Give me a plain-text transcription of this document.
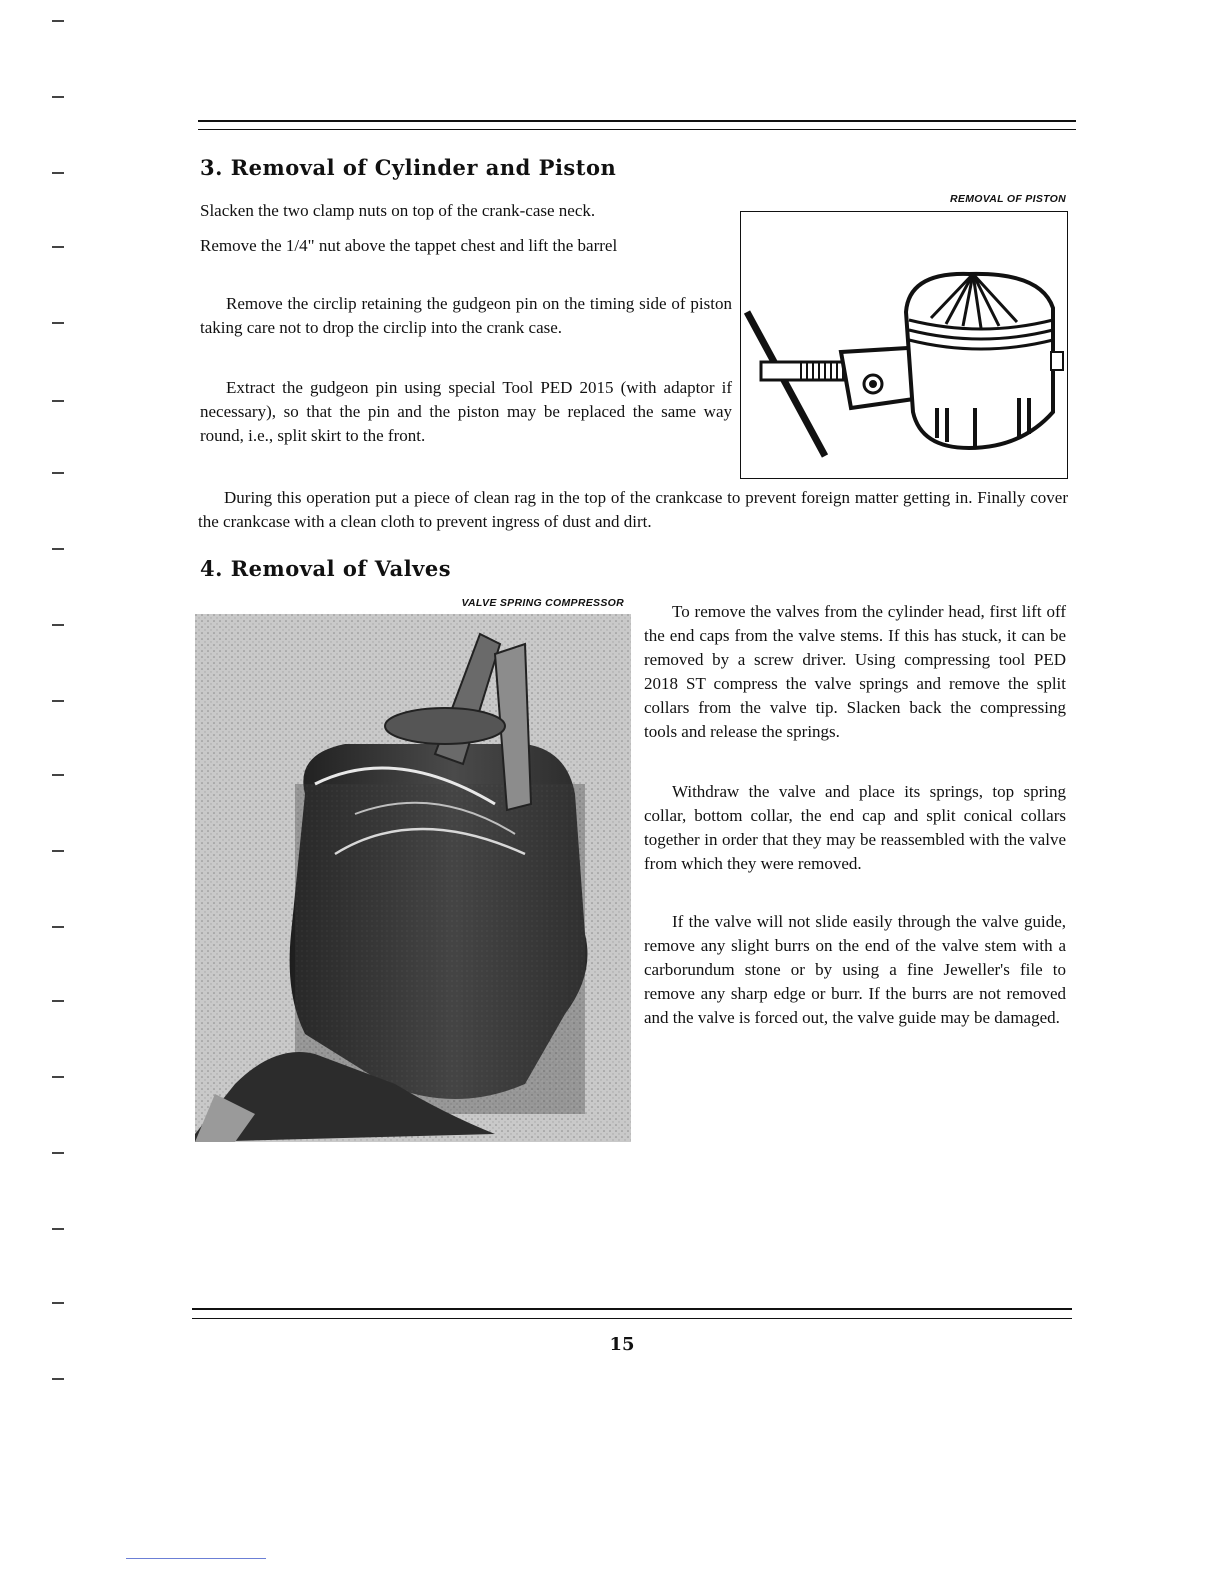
3. Removal of Cylinder and Piston

Slacken the two clamp nuts on top of the crank-case neck.

Remove the 1/4" nut above the tappet chest and lift the barrel

Remove the circlip retaining the gudgeon pin on the timing side of piston taking care not to drop the circlip into the crank case.

Extract the gudgeon pin using special Tool PED 2015 (with adaptor if necessary), so that the pin and the piston may be replaced the same way round, i.e., split skirt to the front.

REMOVAL OF PISTON

During this operation put a piece of clean rag in the top of the crankcase to prevent foreign matter getting in. Finally cover the crankcase with a clean cloth to prevent ingress of dust and dirt.

4. Removal of Valves
VALVE SPRING COMPRESSOR	To remove the valves from the cylinder head, first lift off the end caps from the valve stems. If this has stuck, it can be removed by a screw driver. Using compressing tool PED 2018 ST compress the valve springs and remove the split collars from the valve tip. Slacken back the compressing tools and release the springs.

Withdraw the valve and place its springs, top spring collar, bottom collar, the end cap and split conical collars together in order that they may be reassembled with the valve from which they were removed.

If the valve will not slide easily through the valve guide, remove any slight burrs on the end of the valve stem with a carborundum stone or by using a fine Jeweller's file to remove any sharp edge or burr. If the burrs are not removed and the valve is forced out, the valve guide may be damaged.

15
